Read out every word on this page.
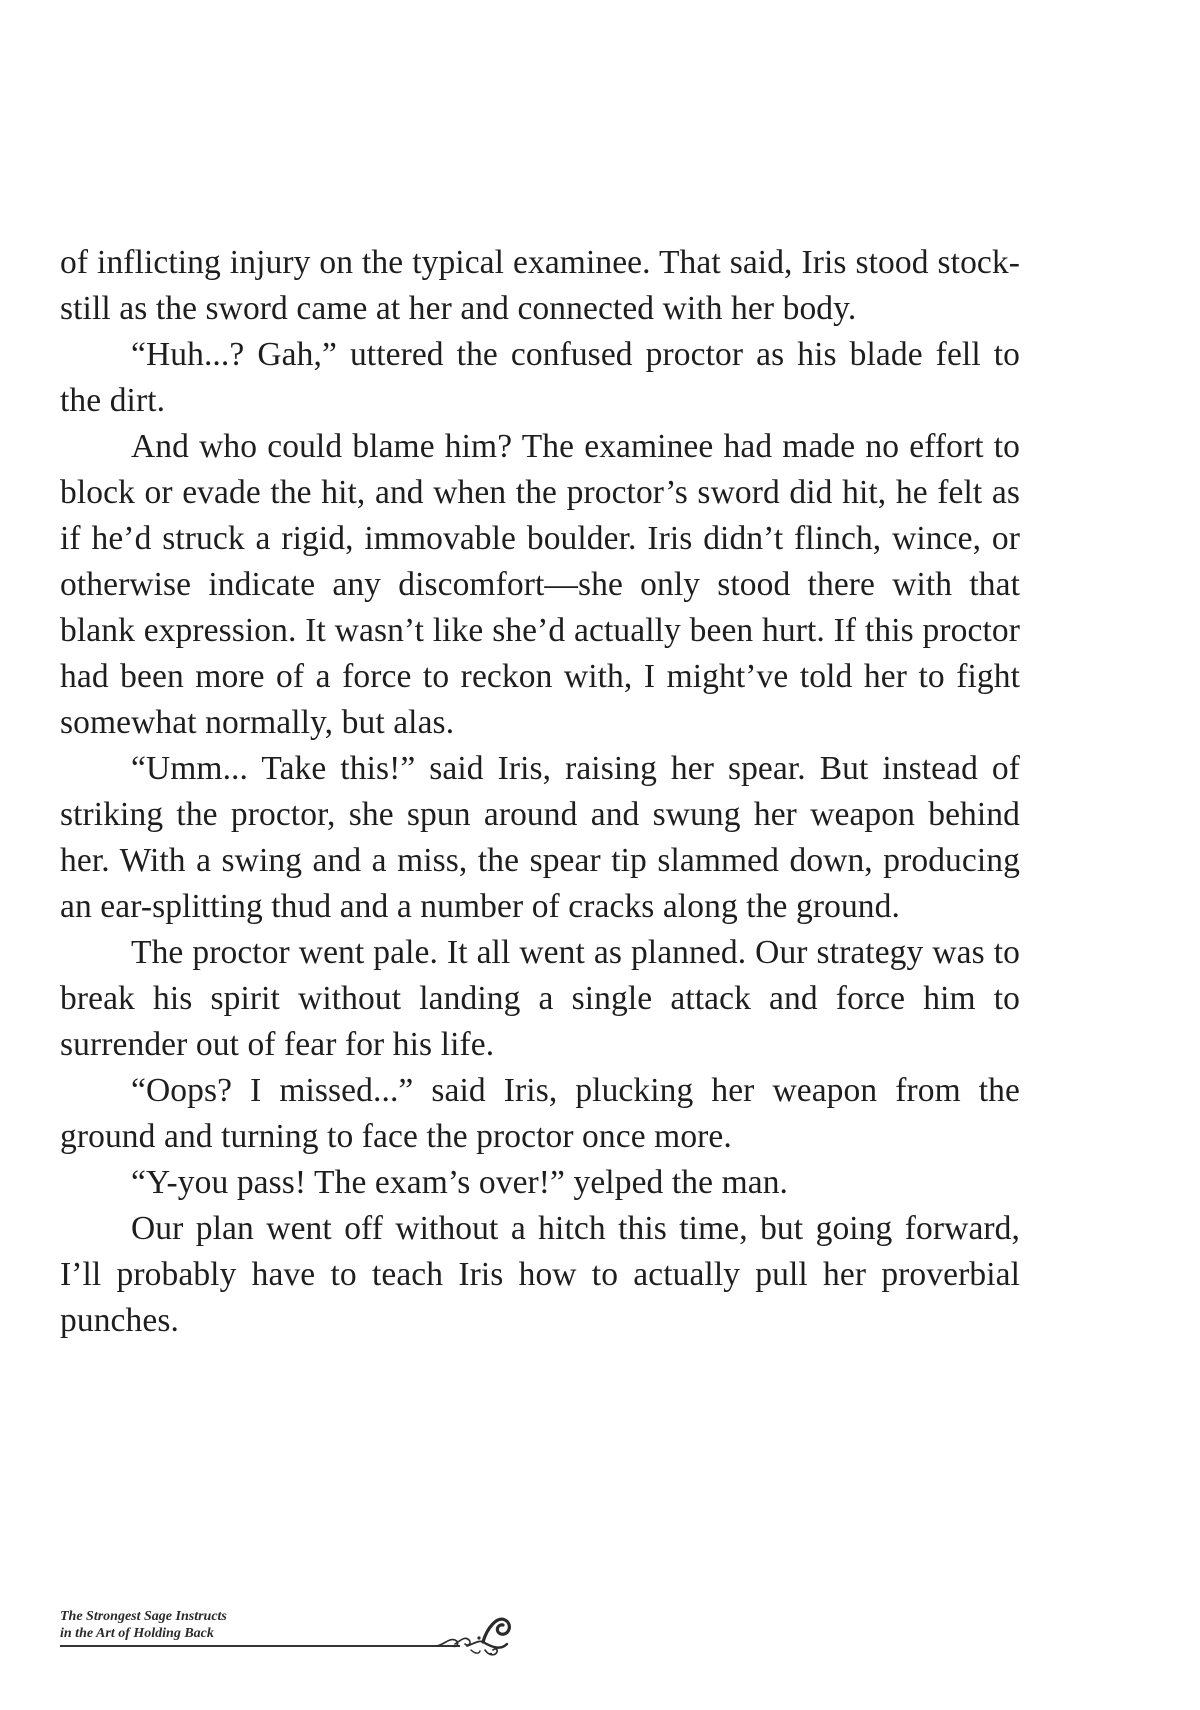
of inflicting injury on the typical examinee. That said, Iris stood stock-still as the sword came at her and connected with her body.

“Huh...? Gah,” uttered the confused proctor as his blade fell to the dirt.

And who could blame him? The examinee had made no effort to block or evade the hit, and when the proctor’s sword did hit, he felt as if he’d struck a rigid, immovable boulder. Iris didn’t flinch, wince, or otherwise indicate any discomfort—she only stood there with that blank expression. It wasn’t like she’d actually been hurt. If this proctor had been more of a force to reckon with, I might’ve told her to fight somewhat normally, but alas.

“Umm... Take this!” said Iris, raising her spear. But instead of striking the proctor, she spun around and swung her weapon behind her. With a swing and a miss, the spear tip slammed down, producing an ear-splitting thud and a number of cracks along the ground.

The proctor went pale. It all went as planned. Our strategy was to break his spirit without landing a single attack and force him to surrender out of fear for his life.

“Oops? I missed...” said Iris, plucking her weapon from the ground and turning to face the proctor once more.

“Y-you pass! The exam’s over!” yelped the man.

Our plan went off without a hitch this time, but going forward, I’ll probably have to teach Iris how to actually pull her proverbial punches.

The Strongest Sage Instructs
in the Art of Holding Back
